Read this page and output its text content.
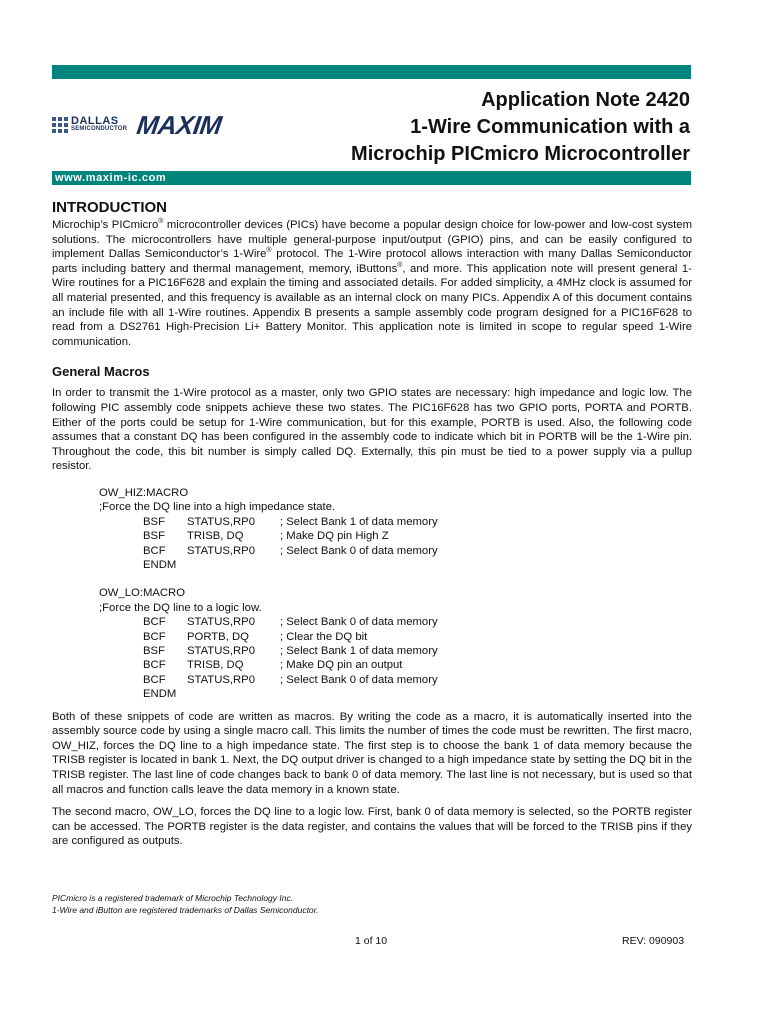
DALLAS
SEMICONDUCTOR MAXIM
Application Note 2420
1-Wire Communication with a
Microchip PICmicro Microcontroller
www.maxim-ic.com
INTRODUCTION

Microchip’s PICmicro® microcontroller devices (PICs) have become a popular design choice for low-power and low-cost system solutions. The microcontrollers have multiple general-purpose input/output (GPIO) pins, and can be easily configured to implement Dallas Semiconductor’s 1-Wire® protocol. The 1-Wire protocol allows interaction with many Dallas Semiconductor parts including battery and thermal management, memory, iButtons®, and more. This application note will present general 1-Wire routines for a PIC16F628 and explain the timing and associated details. For added simplicity, a 4MHz clock is assumed for all material presented, and this frequency is available as an internal clock on many PICs. Appendix A of this document contains an include file with all 1-Wire routines. Appendix B presents a sample assembly code program designed for a PIC16F628 to read from a DS2761 High-Precision Li+ Battery Monitor. This application note is limited in scope to regular speed 1-Wire communication.

General Macros

In order to transmit the 1-Wire protocol as a master, only two GPIO states are necessary: high impedance and logic low. The following PIC assembly code snippets achieve these two states. The PIC16F628 has two GPIO ports, PORTA and PORTB. Either of the ports could be setup for 1-Wire communication, but for this example, PORTB is used. Also, the following code assumes that a constant DQ has been configured in the assembly code to indicate which bit in PORTB will be the 1-Wire pin. Throughout the code, this bit number is simply called DQ. Externally, this pin must be tied to a power supply via a pullup resistor.

OW_HIZ:MACRO
;Force the DQ line into a high impedance state.
BSF	STATUS,RP0	; Select Bank 1 of data memory
BSF	TRISB, DQ	; Make DQ pin High Z
BCF	STATUS,RP0	; Select Bank 0 of data memory
ENDM
OW_LO:MACRO
;Force the DQ line to a logic low.
BCF	STATUS,RP0	; Select Bank 0 of data memory
BCF	PORTB, DQ	; Clear the DQ bit
BSF	STATUS,RP0	; Select Bank 1 of data memory
BCF	TRISB, DQ	; Make DQ pin an output
BCF	STATUS,RP0	; Select Bank 0 of data memory
ENDM

Both of these snippets of code are written as macros. By writing the code as a macro, it is automatically inserted into the assembly source code by using a single macro call. This limits the number of times the code must be rewritten. The first macro, OW_HIZ, forces the DQ line to a high impedance state. The first step is to choose the bank 1 of data memory because the TRISB register is located in bank 1. Next, the DQ output driver is changed to a high impedance state by setting the DQ bit in the TRISB register. The last line of code changes back to bank 0 of data memory. The last line is not necessary, but is used so that all macros and function calls leave the data memory in a known state.

The second macro, OW_LO, forces the DQ line to a logic low. First, bank 0 of data memory is selected, so the PORTB register can be accessed. The PORTB register is the data register, and contains the values that will be forced to the TRISB pins if they are configured as outputs.

PICmicro is a registered trademark of Microchip Technology Inc.
1-Wire and iButton are registered trademarks of Dallas Semiconductor.
1 of 10	REV: 090903
